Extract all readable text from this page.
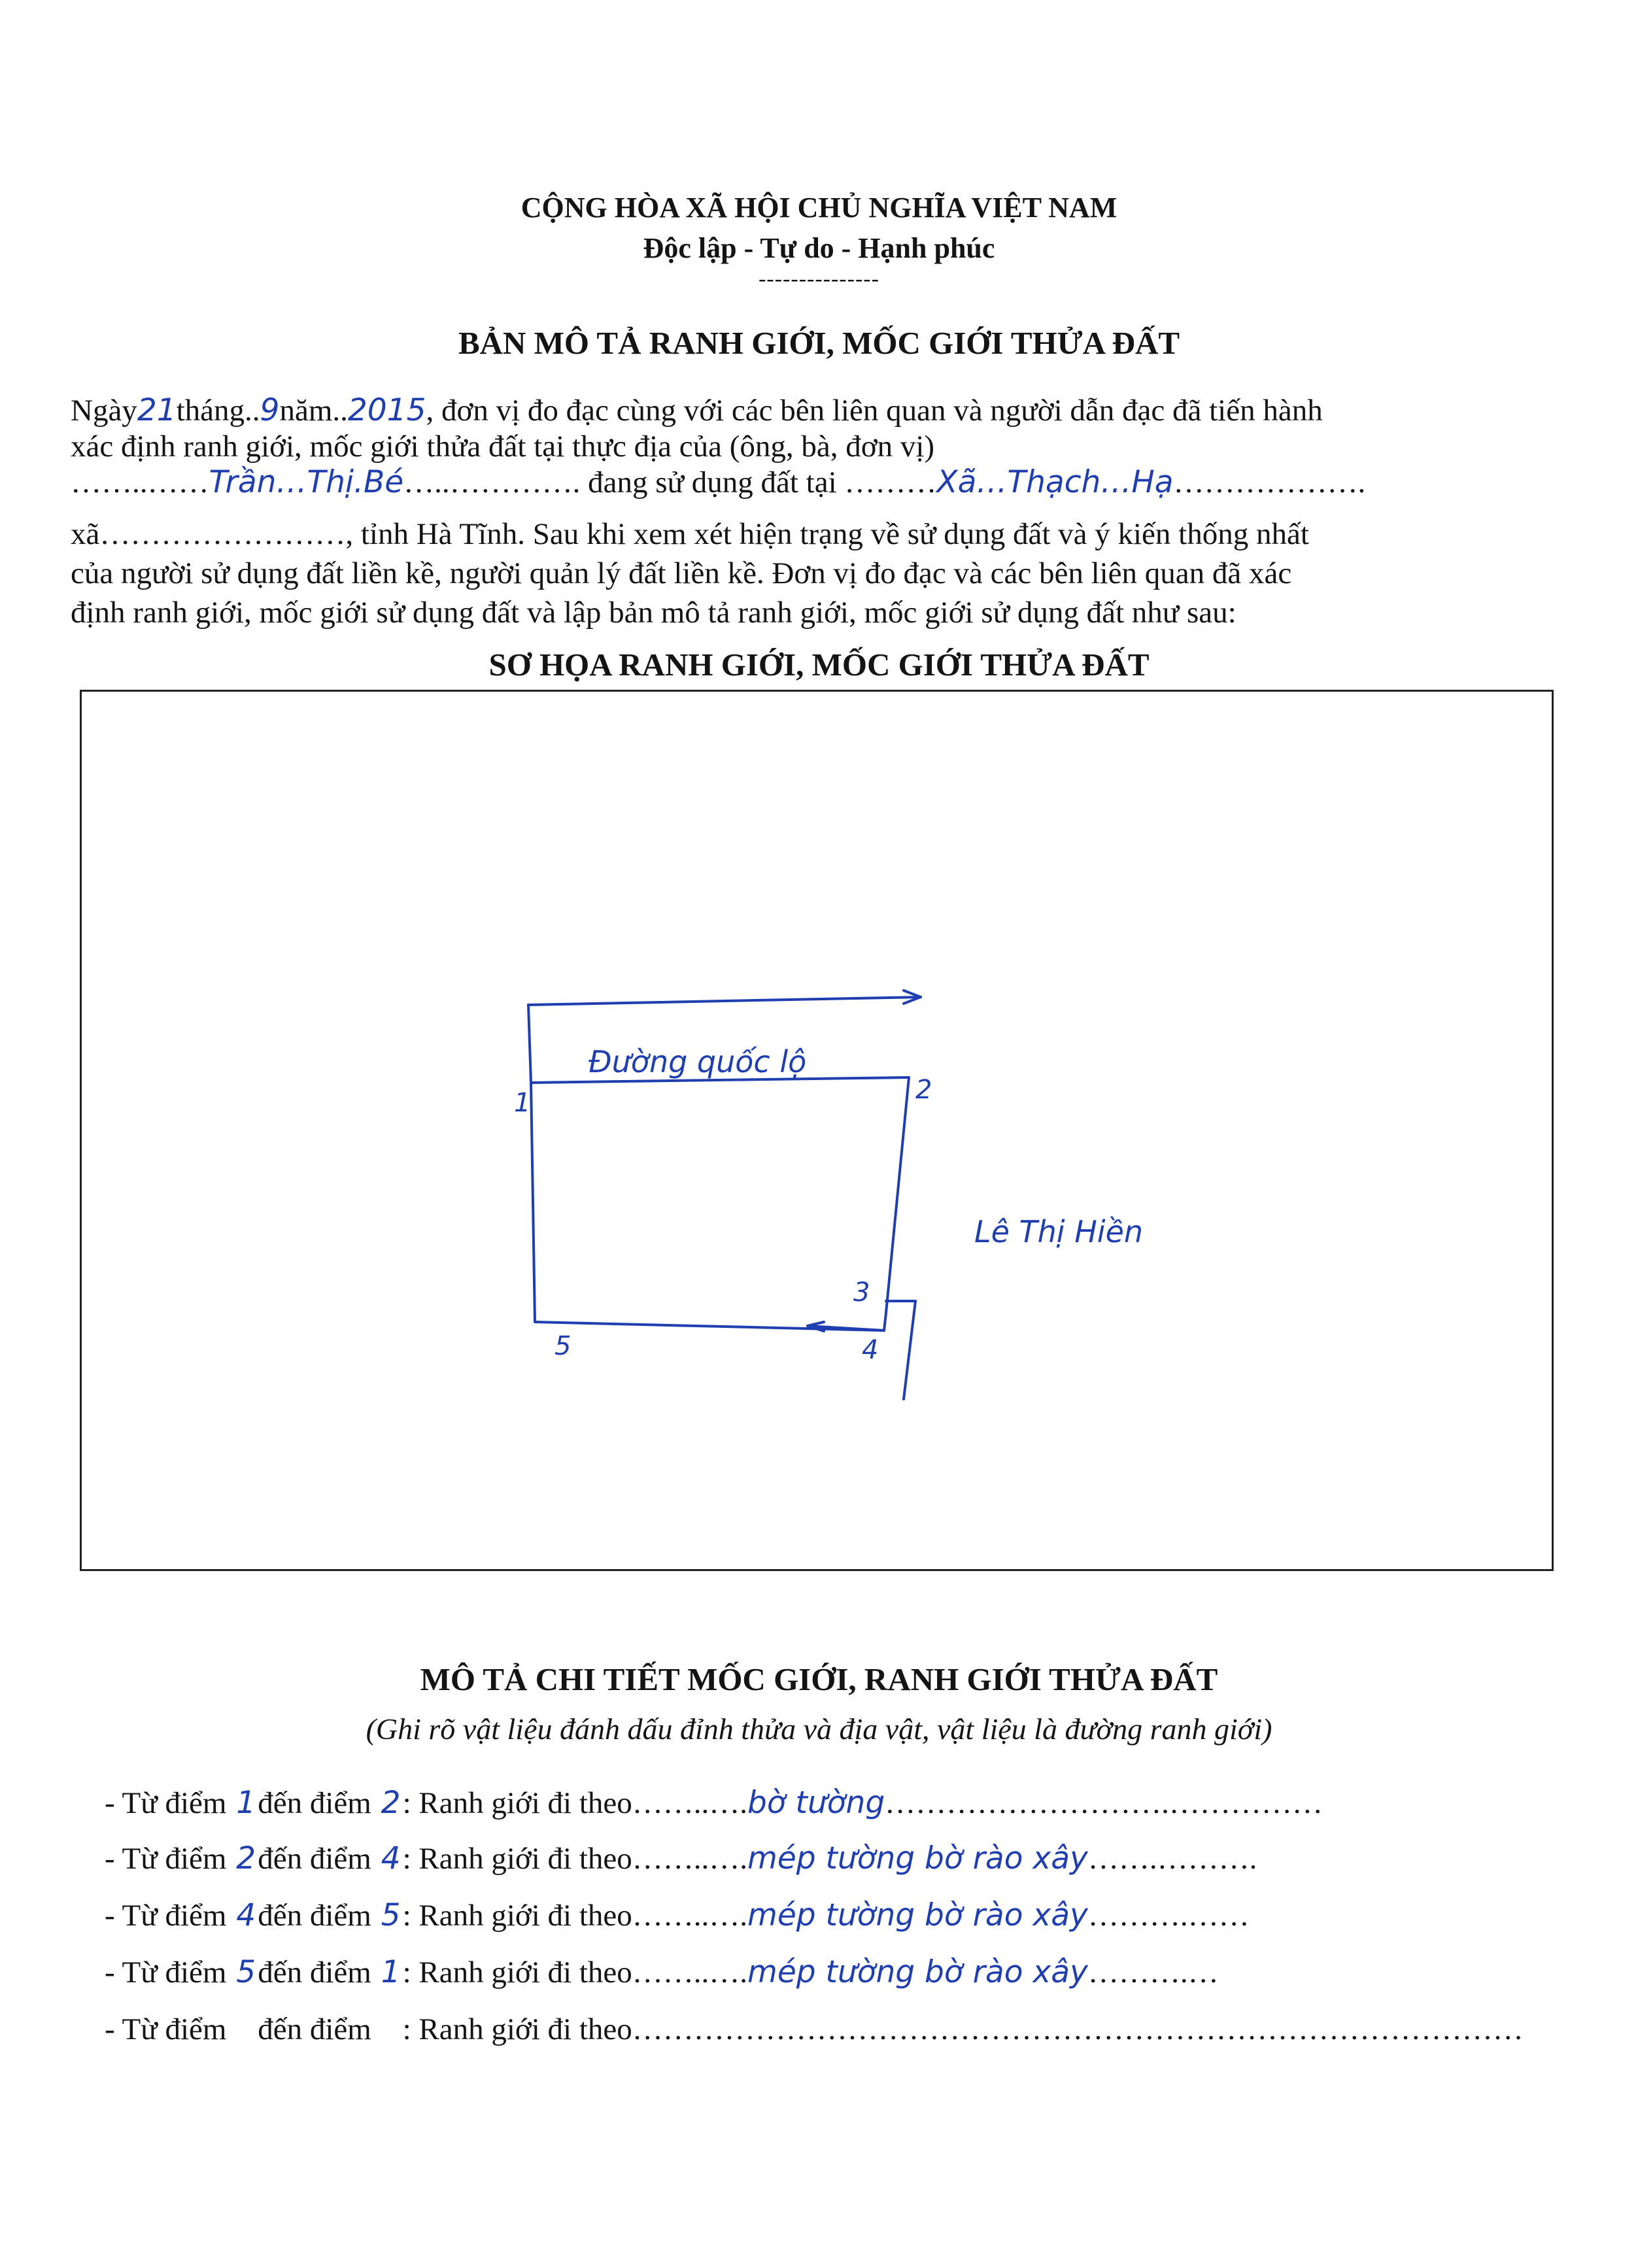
CỘNG HÒA XÃ HỘI CHỦ NGHĨA VIỆT NAM
Độc lập - Tự do - Hạnh phúc
---------------
BẢN MÔ TẢ RANH GIỚI, MỐC GIỚI THỬA ĐẤT
Ngày21tháng..9năm..2015, đơn vị đo đạc cùng với các bên liên quan và người dẫn đạc đã tiến hành
xác định ranh giới, mốc giới thửa đất tại thực địa của (ông, bà, đơn vị)
……..……Trần…Thị.Bé…..…………. đang sử dụng đất tại ………Xã…Thạch…Hạ……………….
xã……………………, tỉnh Hà Tĩnh. Sau khi xem xét hiện trạng về sử dụng đất và ý kiến thống nhất
của người sử dụng đất liền kề, người quản lý đất liền kề. Đơn vị đo đạc và các bên liên quan đã xác
định ranh giới, mốc giới sử dụng đất và lập bản mô tả ranh giới, mốc giới sử dụng đất như sau:
SƠ HỌA RANH GIỚI, MỐC GIỚI THỬA ĐẤT
Đường quốc lộ
Lê Thị Hiền
1	2
3
4
5
MÔ TẢ CHI TIẾT MỐC GIỚI, RANH GIỚI THỬA ĐẤT
(Ghi rõ vật liệu đánh dấu đỉnh thửa và địa vật, vật liệu là đường ranh giới)
- Từ điểm 1đến điểm 2: Ranh giới đi theo……..….bờ tường……………………….……………
- Từ điểm 2đến điểm 4: Ranh giới đi theo……..….mép tường bờ rào xây…….……….
- Từ điểm 4đến điểm 5: Ranh giới đi theo……..….mép tường bờ rào xây……….……
- Từ điểm 5đến điểm 1: Ranh giới đi theo……..….mép tường bờ rào xây……….…
- Từ điểm đến điểm : Ranh giới đi theo……………………………………………………………………………
